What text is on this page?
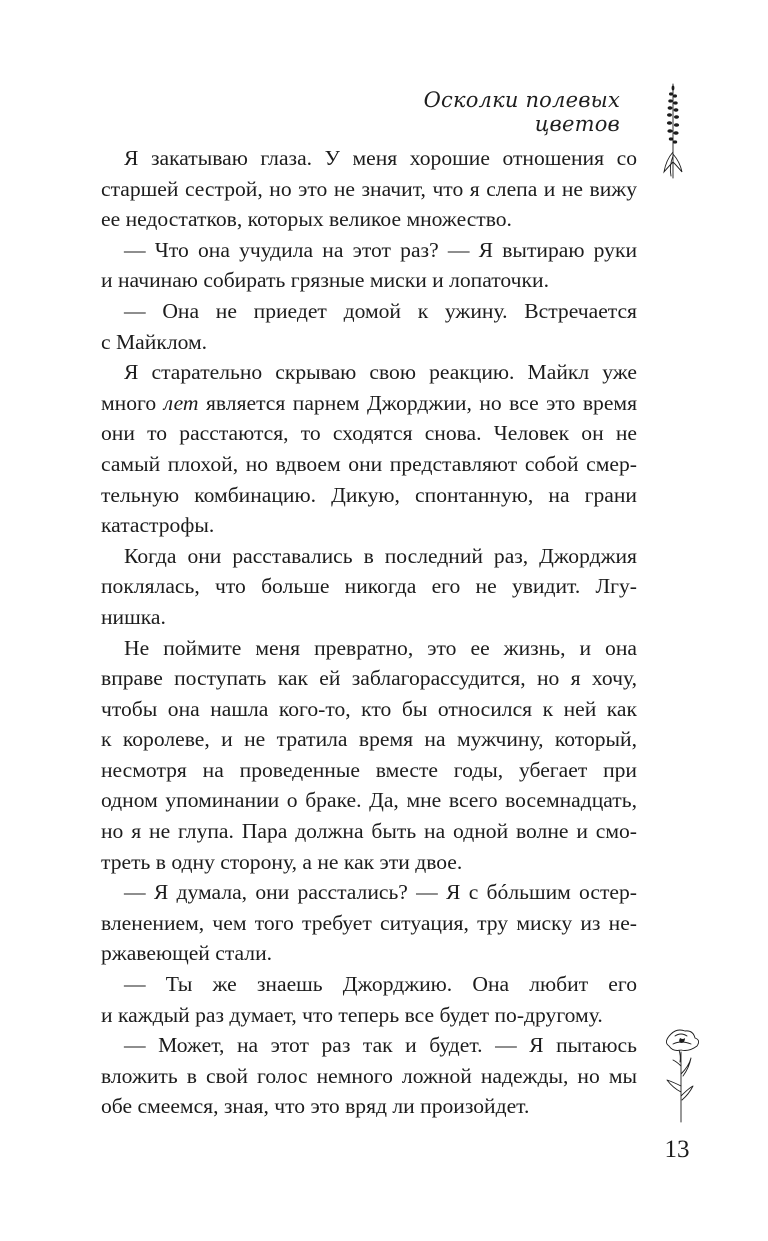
Осколки полевых цветов
Я закатываю глаза. У меня хорошие отношения со
старшей сестрой, но это не значит, что я слепа и не вижу
ее недостатков, которых великое множество.
— Что она учудила на этот раз? — Я вытираю руки
и начинаю собирать грязные миски и лопаточки.
— Она не приедет домой к ужину. Встречается
с Майклом.
Я старательно скрываю свою реакцию. Майкл уже
много лет является парнем Джорджии, но все это время
они то расстаются, то сходятся снова. Человек он не
самый плохой, но вдвоем они представляют собой смер-
тельную комбинацию. Дикую, спонтанную, на грани
катастрофы.
Когда они расставались в последний раз, Джорджия
поклялась, что больше никогда его не увидит. Лгу-
нишка.
Не поймите меня превратно, это ее жизнь, и она
вправе поступать как ей заблагорассудится, но я хочу,
чтобы она нашла кого-то, кто бы относился к ней как
к королеве, и не тратила время на мужчину, который,
несмотря на проведенные вместе годы, убегает при
одном упоминании о браке. Да, мне всего восемнадцать,
но я не глупа. Пара должна быть на одной волне и смо-
треть в одну сторону, а не как эти двое.
— Я думала, они расстались? — Я с бóльшим остер-
вленением, чем того требует ситуация, тру миску из не-
ржавеющей стали.
— Ты же знаешь Джорджию. Она любит его
и каждый раз думает, что теперь все будет по-другому.
— Может, на этот раз так и будет. — Я пытаюсь
вложить в свой голос немного ложной надежды, но мы
обе смеемся, зная, что это вряд ли произойдет.
13
